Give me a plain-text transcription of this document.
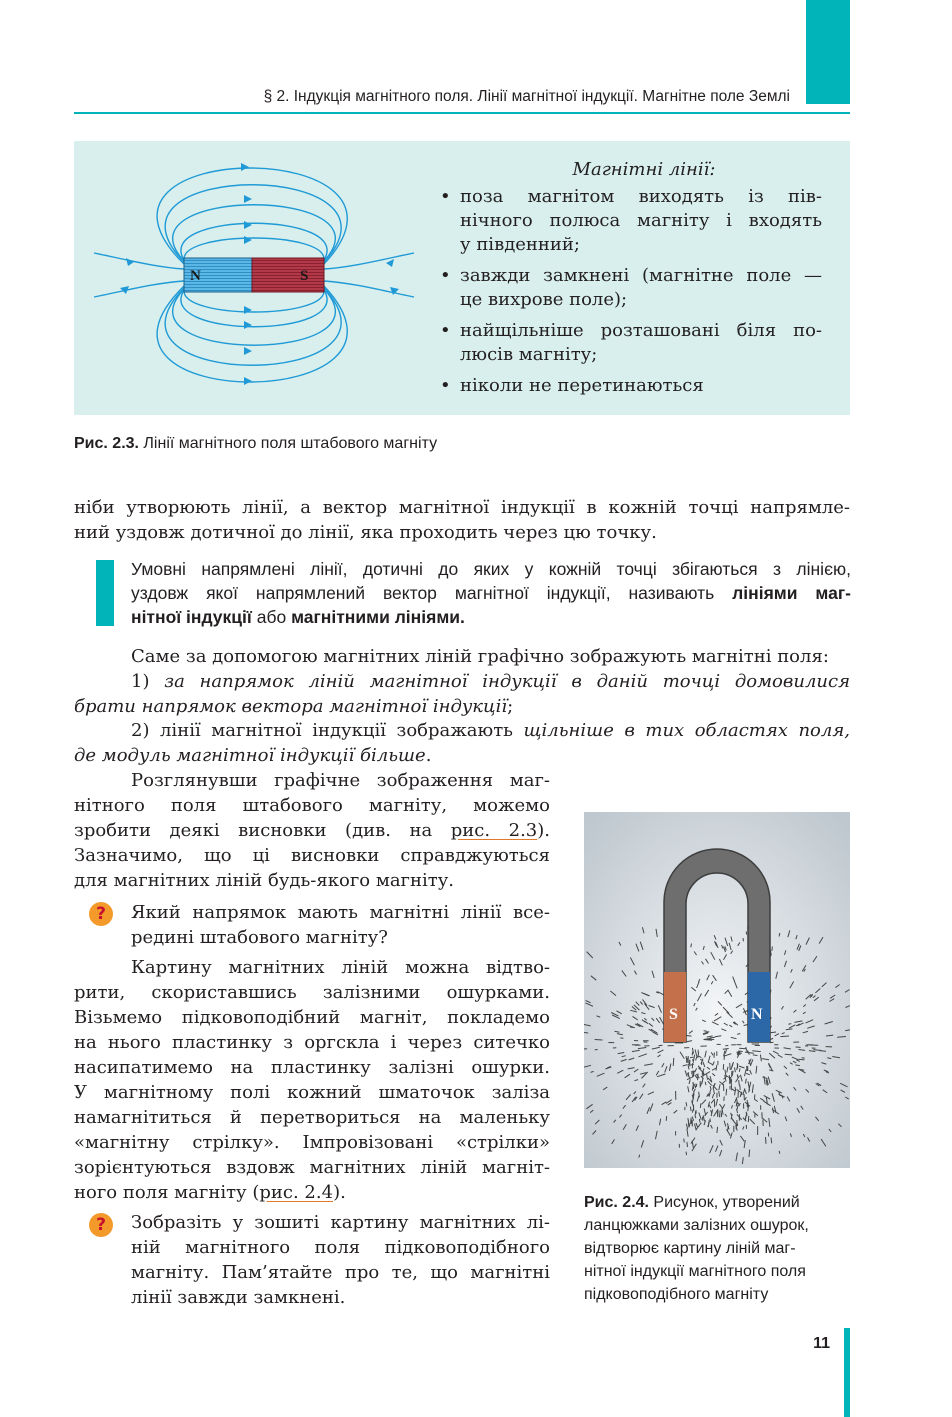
§ 2. Індукція магнітного поля. Лінії магнітної індукції. Магнітне поле Землі
N	S
Магнітні лінії:
• поза магнітом виходять із пів-
нічного полюса магніту і входять
у південний;
• завжди замкнені (магнітне поле —
це вихрове поле);
• найщільніше розташовані біля по-
люсів магніту;
• ніколи не перетинаються
Рис. 2.3. Лінії магнітного поля штабового магніту

ніби утворюють лінії, а вектор магнітної індукції в кожній точці напрямле-
ний уздовж дотичної до лінії, яка проходить через цю точку.

Умовні напрямлені лінії, дотичні до яких у кожній точці збігаються з лінією,
уздовж якої напрямлений вектор магнітної індукції, називають лініями маг-
нітної індукції або магнітними лініями.

Саме за допомогою магнітних ліній графічно зображують магнітні поля:

1) за напрямок ліній магнітної індукції в даній точці домовилися
брати напрямок вектора магнітної індукції;

2) лінії магнітної індукції зображають щільніше в тих областях поля,
де модуль магнітної індукції більше.

Розглянувши графічне зображення маг-
нітного поля штабового магніту, можемо
зробити деякі висновки (див. на рис. 2.3).
Зазначимо, що ці висновки справджуються
для магнітних ліній будь-якого магніту.

?	Який напрямок мають магнітні лінії все-
редині штабового магніту?

Картину магнітних ліній можна відтво-
рити, скориставшись залізними ошурками.
Візьмемо підковоподібний магніт, покладемо
на нього пластинку з оргскла і через ситечко
насипатимемо на пластинку залізні ошурки.
У магнітному полі кожний шматочок заліза
намагнітиться й перетвориться на маленьку
«магнітну стрілку». Імпровізовані «стрілки»
зорієнтуються вздовж магнітних ліній магніт-
ного поля магніту (рис. 2.4).

?	Зобразіть у зошиті картину магнітних лі-
ній магнітного поля підковоподібного
магніту. Пам’ятайте про те, що магнітні
лінії завжди замкнені.

S	N
Рис. 2.4. Рисунок, утворений
ланцюжками залізних ошурок,
відтворює картину ліній маг-
нітної індукції магнітного поля
підковоподібного магніту
11
